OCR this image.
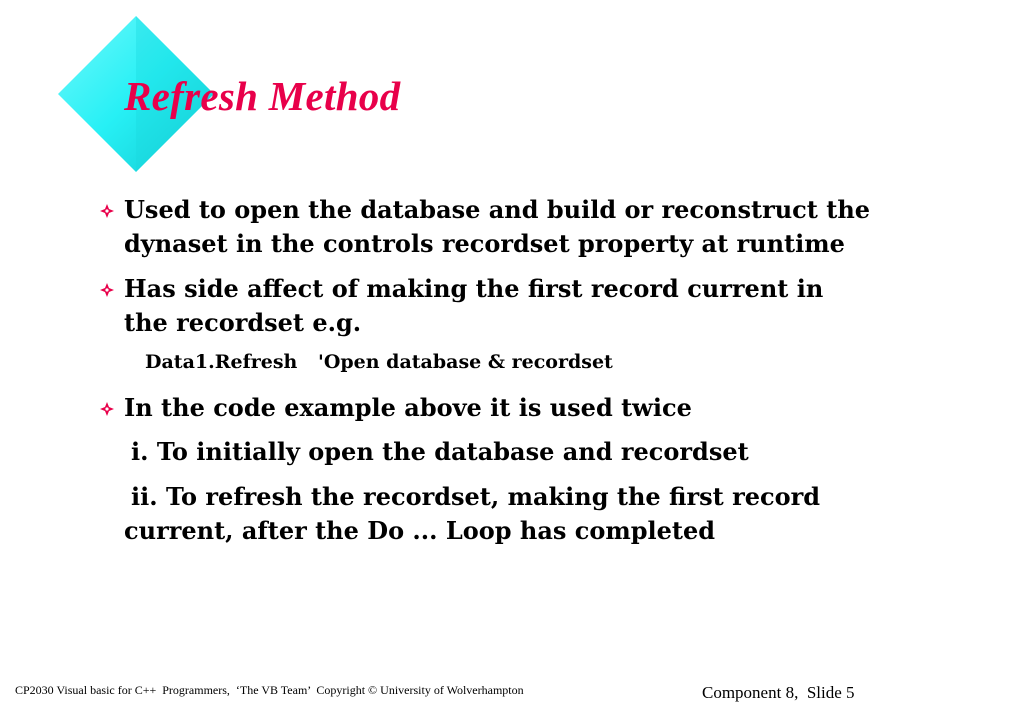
Refresh Method
Used to open the database and build or reconstruct the
dynaset in the controls recordset property at runtime
Has side affect of making the first record current in
the recordset e.g.
Data1.Refresh 'Open database & recordset
In the code example above it is used twice
i. To initially open the database and recordset
ii. To refresh the recordset, making the first record
current, after the Do ... Loop has completed
CP2030 Visual basic for C++  Programmers,  ‘The VB Team’  Copyright © University of Wolverhampton	Component 8,  Slide 5
